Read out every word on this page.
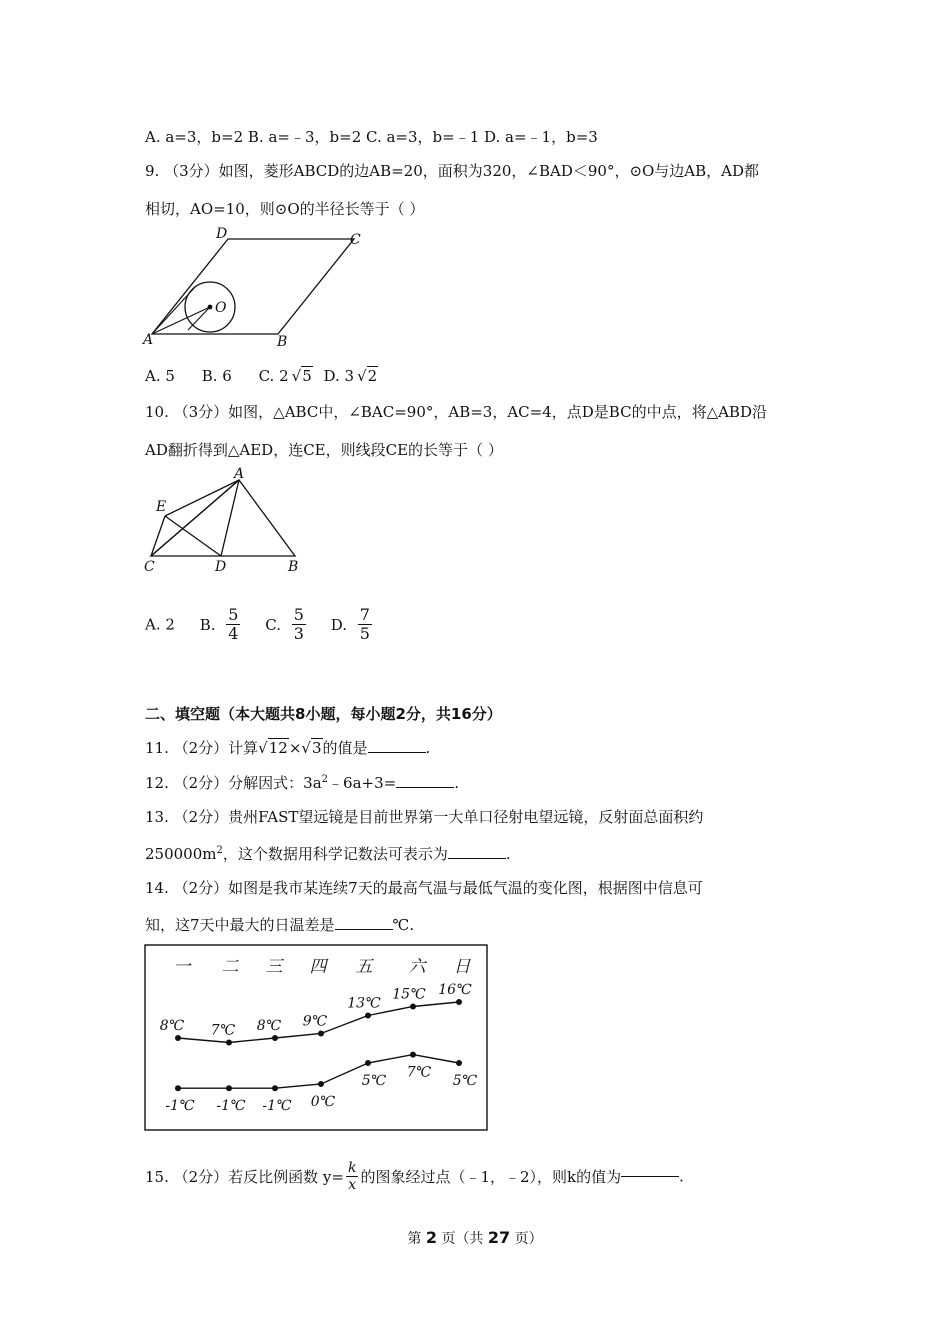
A. a=3，b=2 B. a=﹣3，b=2 C. a=3，b=﹣1 D. a=﹣1，b=3
9. （3分）如图，菱形ABCD的边AB=20，面积为320，∠BAD＜90°，⊙O与边AB，AD都
相切，AO=10，则⊙O的半径长等于（ ）
D	C
O
A	B
A. 5 B. 6 C. 2 √5 D. 3 √2
10. （3分）如图，△ABC中，∠BAC=90°，AB=3，AC=4，点D是BC的中点，将△ABD沿
AD翻折得到△AED，连CE，则线段CE的长等于（ ）
A
E
C	D	B
A. 2 B. $\frac{5}{4} C$. $\frac{5}{3} D$. $\frac{7}{5}$
二、填空题（本大题共8小题，每小题2分，共16分）
11. （2分）计算√12×√3的值是	.
12. （2分）分解因式：$3a^2﹣6a+3=$	.
13. （2分）贵州FAST望远镜是目前世界第一大单口径射电望远镜，反射面总面积约
$250000m^2$，这个数据用科学记数法可表示为	.
14. （2分）如图是我市某连续7天的最高气温与最低气温的变化图，根据图中信息可
知，这7天中最大的日温差是	℃.
一 二 三 四 五 六 日
8℃ 7℃ 8℃ 9℃
13℃
15℃ 16℃
-1℃ -1℃ -1℃ 0℃
5℃
7℃
5℃
15. （2分）若反比例函数 $y= \frac{k}{x}$ 的图象经过点（﹣1，﹣2），则k的值为	.
第 2 页（共 27 页）
